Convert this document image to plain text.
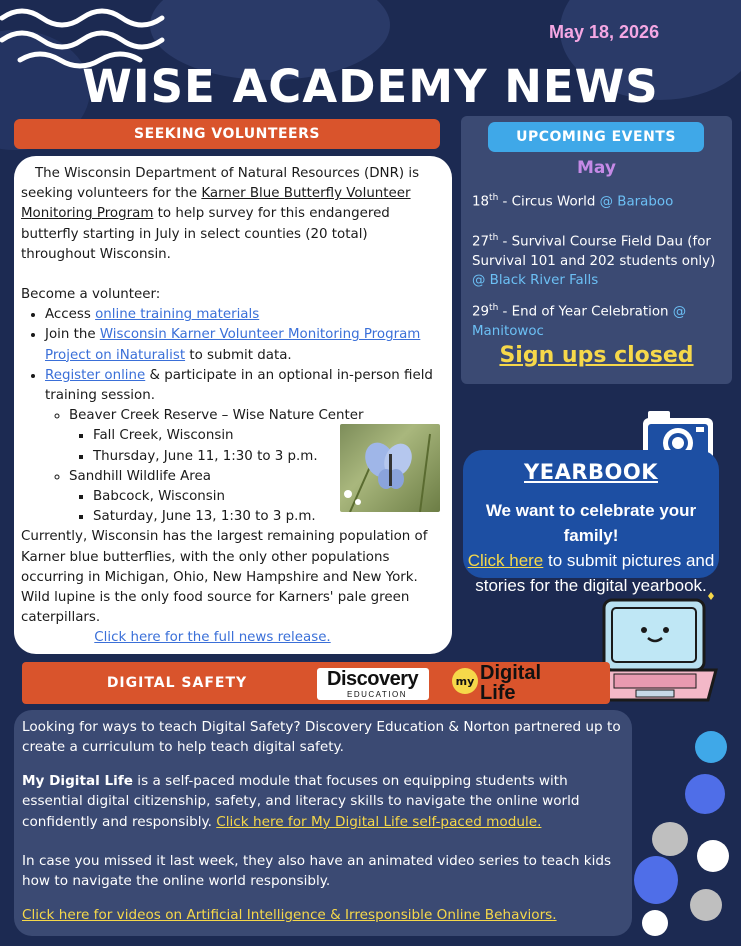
May 18, 2026
WISE ACADEMY NEWS
SEEKING VOLUNTEERS

The Wisconsin Department of Natural Resources (DNR) is seeking volunteers for the Karner Blue Butterfly Volunteer Monitoring Program to help survey for this endangered butterfly starting in July in select counties (20 total) throughout Wisconsin.

Become a volunteer:

• Access online training materials
• Join the Wisconsin Karner Volunteer Monitoring Program Project on iNaturalist to submit data.
• Register online & participate in an optional in-person field training session.
◦ Beaver Creek Reserve – Wise Nature Center
▪ Fall Creek, Wisconsin
▪ Thursday, June 11, 1:30 to 3 p.m.
◦ Sandhill Wildlife Area
▪ Babcock, Wisconsin
▪ Saturday, June 13, 1:30 to 3 p.m.

Currently, Wisconsin has the largest remaining population of Karner blue butterflies, with the only other populations occurring in Michigan, Ohio, New Hampshire and New York. Wild lupine is the only food source for Karners' pale green caterpillars.

Click here for the full news release.

UPCOMING EVENTS
May
18th - Circus World @ Baraboo
27th - Survival Course Field Dau (for Survival 101 and 202 students only) @ Black River Falls
29th - End of Year Celebration @ Manitowoc
Sign ups closed
YEARBOOK
We want to celebrate your family!
Click here to submit pictures and stories for the digital yearbook.
DIGITAL SAFETY	Discovery
EDUCATION
my Digital
Life
Looking for ways to teach Digital Safety? Discovery Education & Norton partnered up to create a curriculum to help teach digital safety.
My Digital Life is a self-paced module that focuses on equipping students with essential digital citizenship, safety, and literacy skills to navigate the online world confidently and responsibly. Click here for My Digital Life self-paced module.
In case you missed it last week, they also have an animated video series to teach kids how to navigate the online world responsibly.
Click here for videos on Artificial Intelligence & Irresponsible Online Behaviors.
